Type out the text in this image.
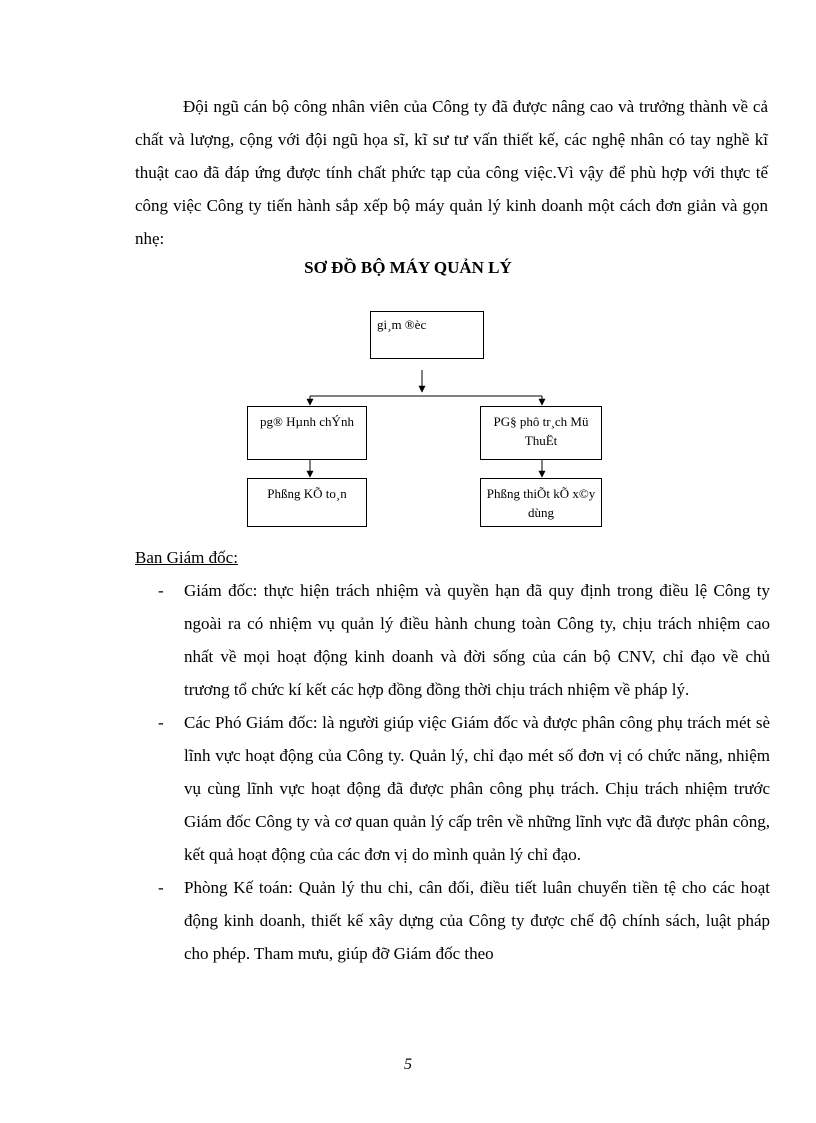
Đội ngũ cán bộ công nhân viên của Công ty đã được nâng cao và trưởng thành về cả chất và lượng, cộng với đội ngũ họa sĩ, kĩ sư tư vấn thiết kế, các nghệ nhân có tay nghề kĩ thuật cao đã đáp ứng được tính chất phức tạp của công việc.Vì vậy để phù hợp với thực tế công việc Công ty tiến hành sắp xếp bộ máy quản lý kinh doanh một cách đơn giản và gọn nhẹ:

SƠ ĐỒ BỘ MÁY QUẢN LÝ

gi¸m ®èc
pg® Hµnh chÝnh	PG§ phô tr¸ch Mü ThuËt
Phßng KÕ to¸n	Phßng thiÕt kÕ x©y dùng

Ban Giám đốc:

- Giám đốc: thực hiện trách nhiệm và quyền hạn đã quy định trong điều lệ Công ty ngoài ra có nhiệm vụ quản lý điều hành chung toàn Công ty, chịu trách nhiệm cao nhất về mọi hoạt động kinh doanh và đời sống của cán bộ CNV, chỉ đạo về chủ trương tổ chức kí kết các hợp đồng đồng thời chịu trách nhiệm về pháp lý.
- Các Phó Giám đốc: là người giúp việc Giám đốc và được phân công phụ trách mét sè lĩnh vực hoạt động của Công ty. Quản lý, chỉ đạo mét số đơn vị có chức năng, nhiệm vụ cùng lĩnh vực hoạt động đã được phân công phụ trách. Chịu trách nhiệm trước Giám đốc Công ty và cơ quan quản lý cấp trên về những lĩnh vực đã được phân công, kết quả hoạt động của các đơn vị do mình quản lý chỉ đạo.
- Phòng Kế toán: Quản lý thu chi, cân đối, điều tiết luân chuyển tiền tệ cho các hoạt động kinh doanh, thiết kế xây dựng của Công ty được chế độ chính sách, luật pháp cho phép. Tham mưu, giúp đỡ Giám đốc theo

5
